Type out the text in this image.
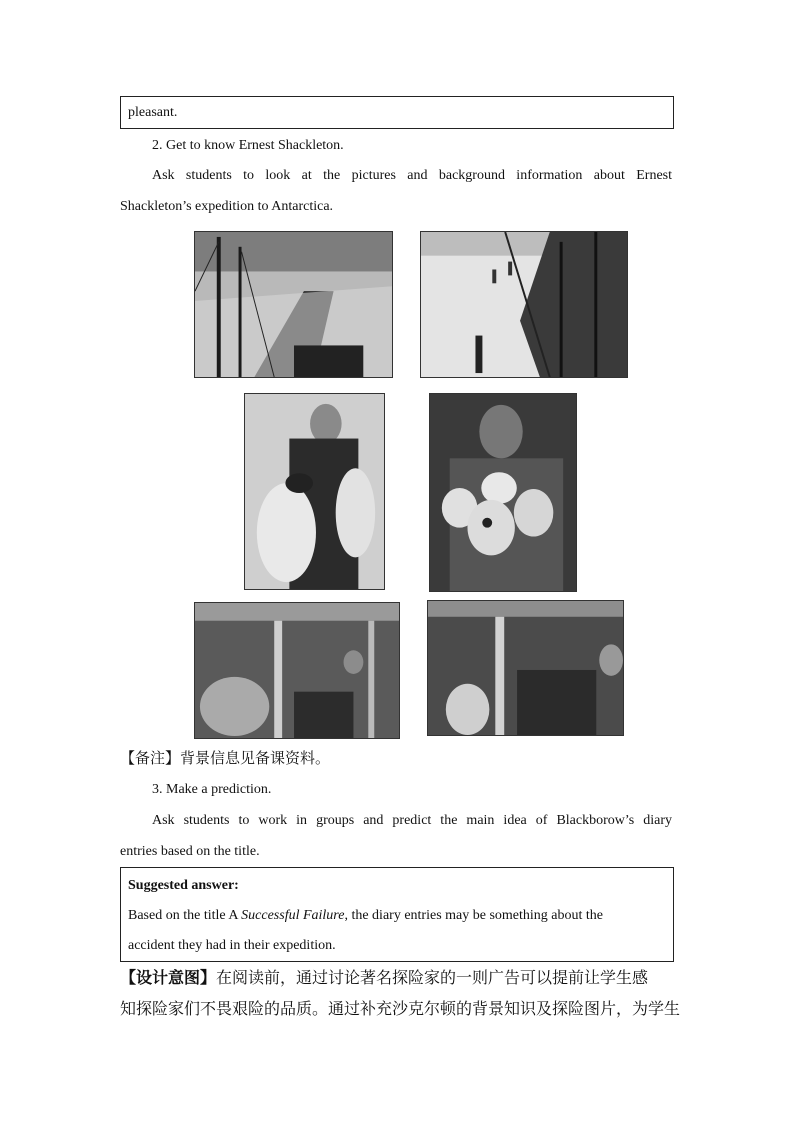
pleasant.
2. Get to know Ernest Shackleton.
Ask students to look at the pictures and background information about Ernest
Shackleton’s expedition to Antarctica.
【备注】背景信息见备课资料。
3. Make a prediction.
Ask students to work in groups and predict the main idea of Blackborow’s diary
entries based on the title.
Suggested answer:
Based on the title A Successful Failure, the diary entries may be something about the
accident they had in their expedition.
【设计意图】在阅读前，通过讨论著名探险家的一则广告可以提前让学生感
知探险家们不畏艰险的品质。通过补充沙克尔顿的背景知识及探险图片，为学生
